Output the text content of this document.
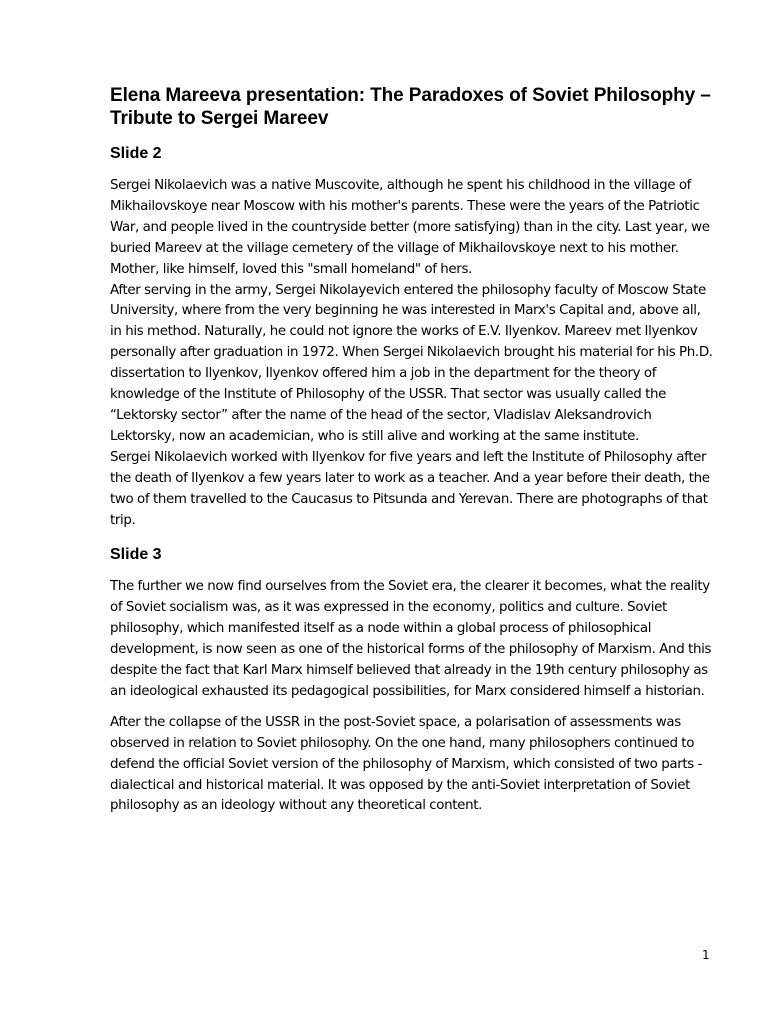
Elena Mareeva presentation: The Paradoxes of Soviet Philosophy – Tribute to Sergei Mareev
Slide 2

Sergei Nikolaevich was a native Muscovite, although he spent his childhood in the village of Mikhailovskoye near Moscow with his mother's parents. These were the years of the Patriotic War, and people lived in the countryside better (more satisfying) than in the city. Last year, we buried Mareev at the village cemetery of the village of Mikhailovskoye next to his mother. Mother, like himself, loved this "small homeland" of hers.

After serving in the army, Sergei Nikolayevich entered the philosophy faculty of Moscow State University, where from the very beginning he was interested in Marx's Capital and, above all, in his method. Naturally, he could not ignore the works of E.V. Ilyenkov. Mareev met Ilyenkov personally after graduation in 1972. When Sergei Nikolaevich brought his material for his Ph.D. dissertation to Ilyenkov, Ilyenkov offered him a job in the department for the theory of knowledge of the Institute of Philosophy of the USSR. That sector was usually called the “Lektorsky sector” after the name of the head of the sector, Vladislav Aleksandrovich Lektorsky, now an academician, who is still alive and working at the same institute.

Sergei Nikolaevich worked with Ilyenkov for five years and left the Institute of Philosophy after the death of Ilyenkov a few years later to work as a teacher. And a year before their death, the two of them travelled to the Caucasus to Pitsunda and Yerevan. There are photographs of that trip.

Slide 3

The further we now find ourselves from the Soviet era, the clearer it becomes, what the reality of Soviet socialism was, as it was expressed in the economy, politics and culture. Soviet philosophy, which manifested itself as a node within a global process of philosophical development, is now seen as one of the historical forms of the philosophy of Marxism. And this despite the fact that Karl Marx himself believed that already in the 19th century philosophy as an ideological exhausted its pedagogical possibilities, for Marx considered himself a historian.

After the collapse of the USSR in the post-Soviet space, a polarisation of assessments was observed in relation to Soviet philosophy. On the one hand, many philosophers continued to defend the official Soviet version of the philosophy of Marxism, which consisted of two parts - dialectical and historical material. It was opposed by the anti-Soviet interpretation of Soviet philosophy as an ideology without any theoretical content.

1
